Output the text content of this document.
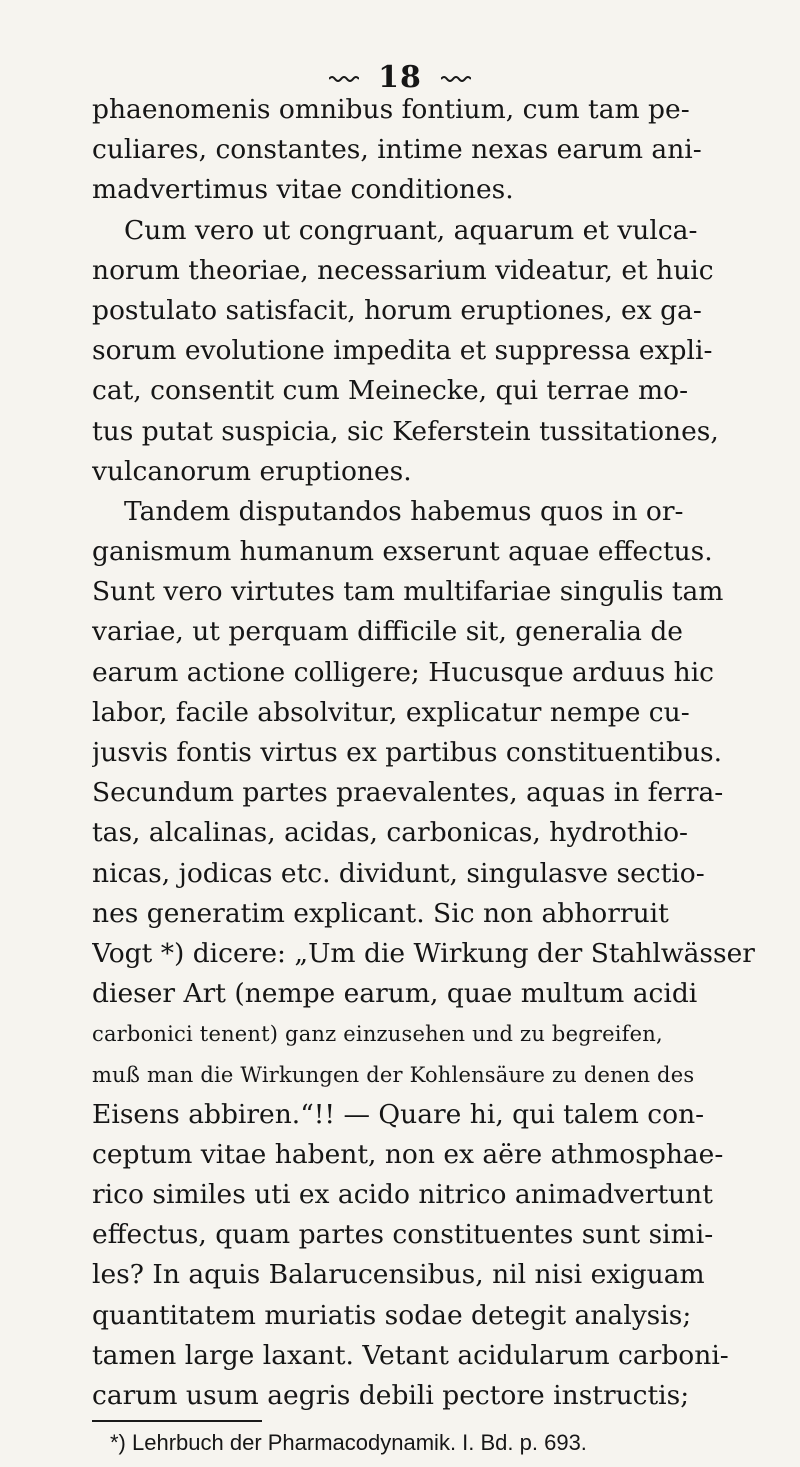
18
phaenomenis omnibus fontium, cum tam pe-
culiares, constantes, intime nexas earum ani-
madvertimus vitae conditiones.
Cum vero ut congruant, aquarum et vulca-
norum theoriae, necessarium videatur, et huic
postulato satisfacit, horum eruptiones, ex ga-
sorum evolutione impedita et suppressa expli-
cat, consentit cum Meinecke, qui terrae mo-
tus putat suspicia, sic Keferstein tussitationes,
vulcanorum eruptiones.
Tandem disputandos habemus quos in or-
ganismum humanum exserunt aquae effectus.
Sunt vero virtutes tam multifariae singulis tam
variae, ut perquam difficile sit, generalia de
earum actione colligere; Hucusque arduus hic
labor, facile absolvitur, explicatur nempe cu-
jusvis fontis virtus ex partibus constituentibus.
Secundum partes praevalentes, aquas in ferra-
tas, alcalinas, acidas, carbonicas, hydrothio-
nicas, jodicas etc. dividunt, singulasve sectio-
nes generatim explicant. Sic non abhorruit
Vogt *) dicere: „Um die Wirkung der Stahlwässer
dieser Art (nempe earum, quae multum acidi
carbonici tenent) ganz einzusehen und zu begreifen,
muß man die Wirkungen der Kohlensäure zu denen des
Eisens abbiren.“!! — Quare hi, qui talem con-
ceptum vitae habent, non ex aëre athmosphae-
rico similes uti ex acido nitrico animadvertunt
effectus, quam partes constituentes sunt simi-
les? In aquis Balarucensibus, nil nisi exiguam
quantitatem muriatis sodae detegit analysis;
tamen large laxant. Vetant acidularum carboni-
carum usum aegris debili pectore instructis;
*) Lehrbuch der Pharmacodynamik. I. Bd. p. 693.
